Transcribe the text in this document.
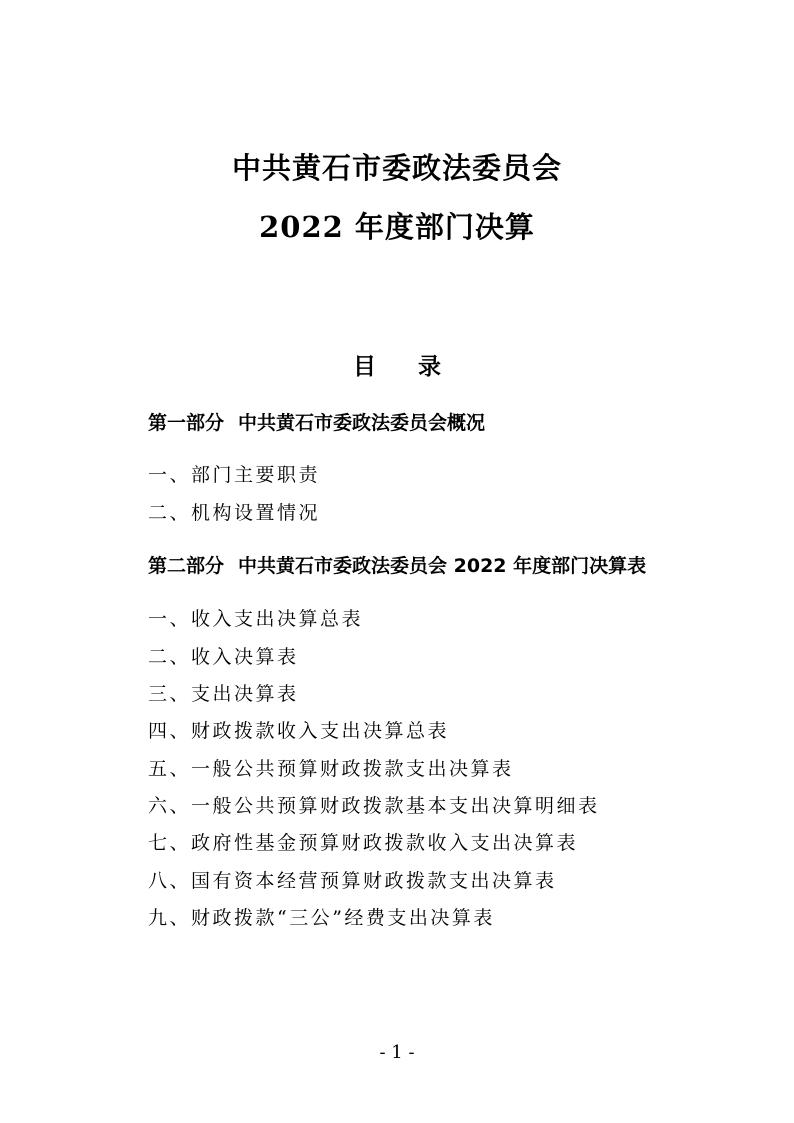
中共黄石市委政法委员会
2022 年度部门决算
目 录
第一部分 中共黄石市委政法委员会概况
一、部门主要职责
二、机构设置情况
第二部分 中共黄石市委政法委员会 2022 年度部门决算表
一、收入支出决算总表
二、收入决算表
三、支出决算表
四、财政拨款收入支出决算总表
五、一般公共预算财政拨款支出决算表
六、一般公共预算财政拨款基本支出决算明细表
七、政府性基金预算财政拨款收入支出决算表
八、国有资本经营预算财政拨款支出决算表
九、财政拨款“三公”经费支出决算表
- 1 -
